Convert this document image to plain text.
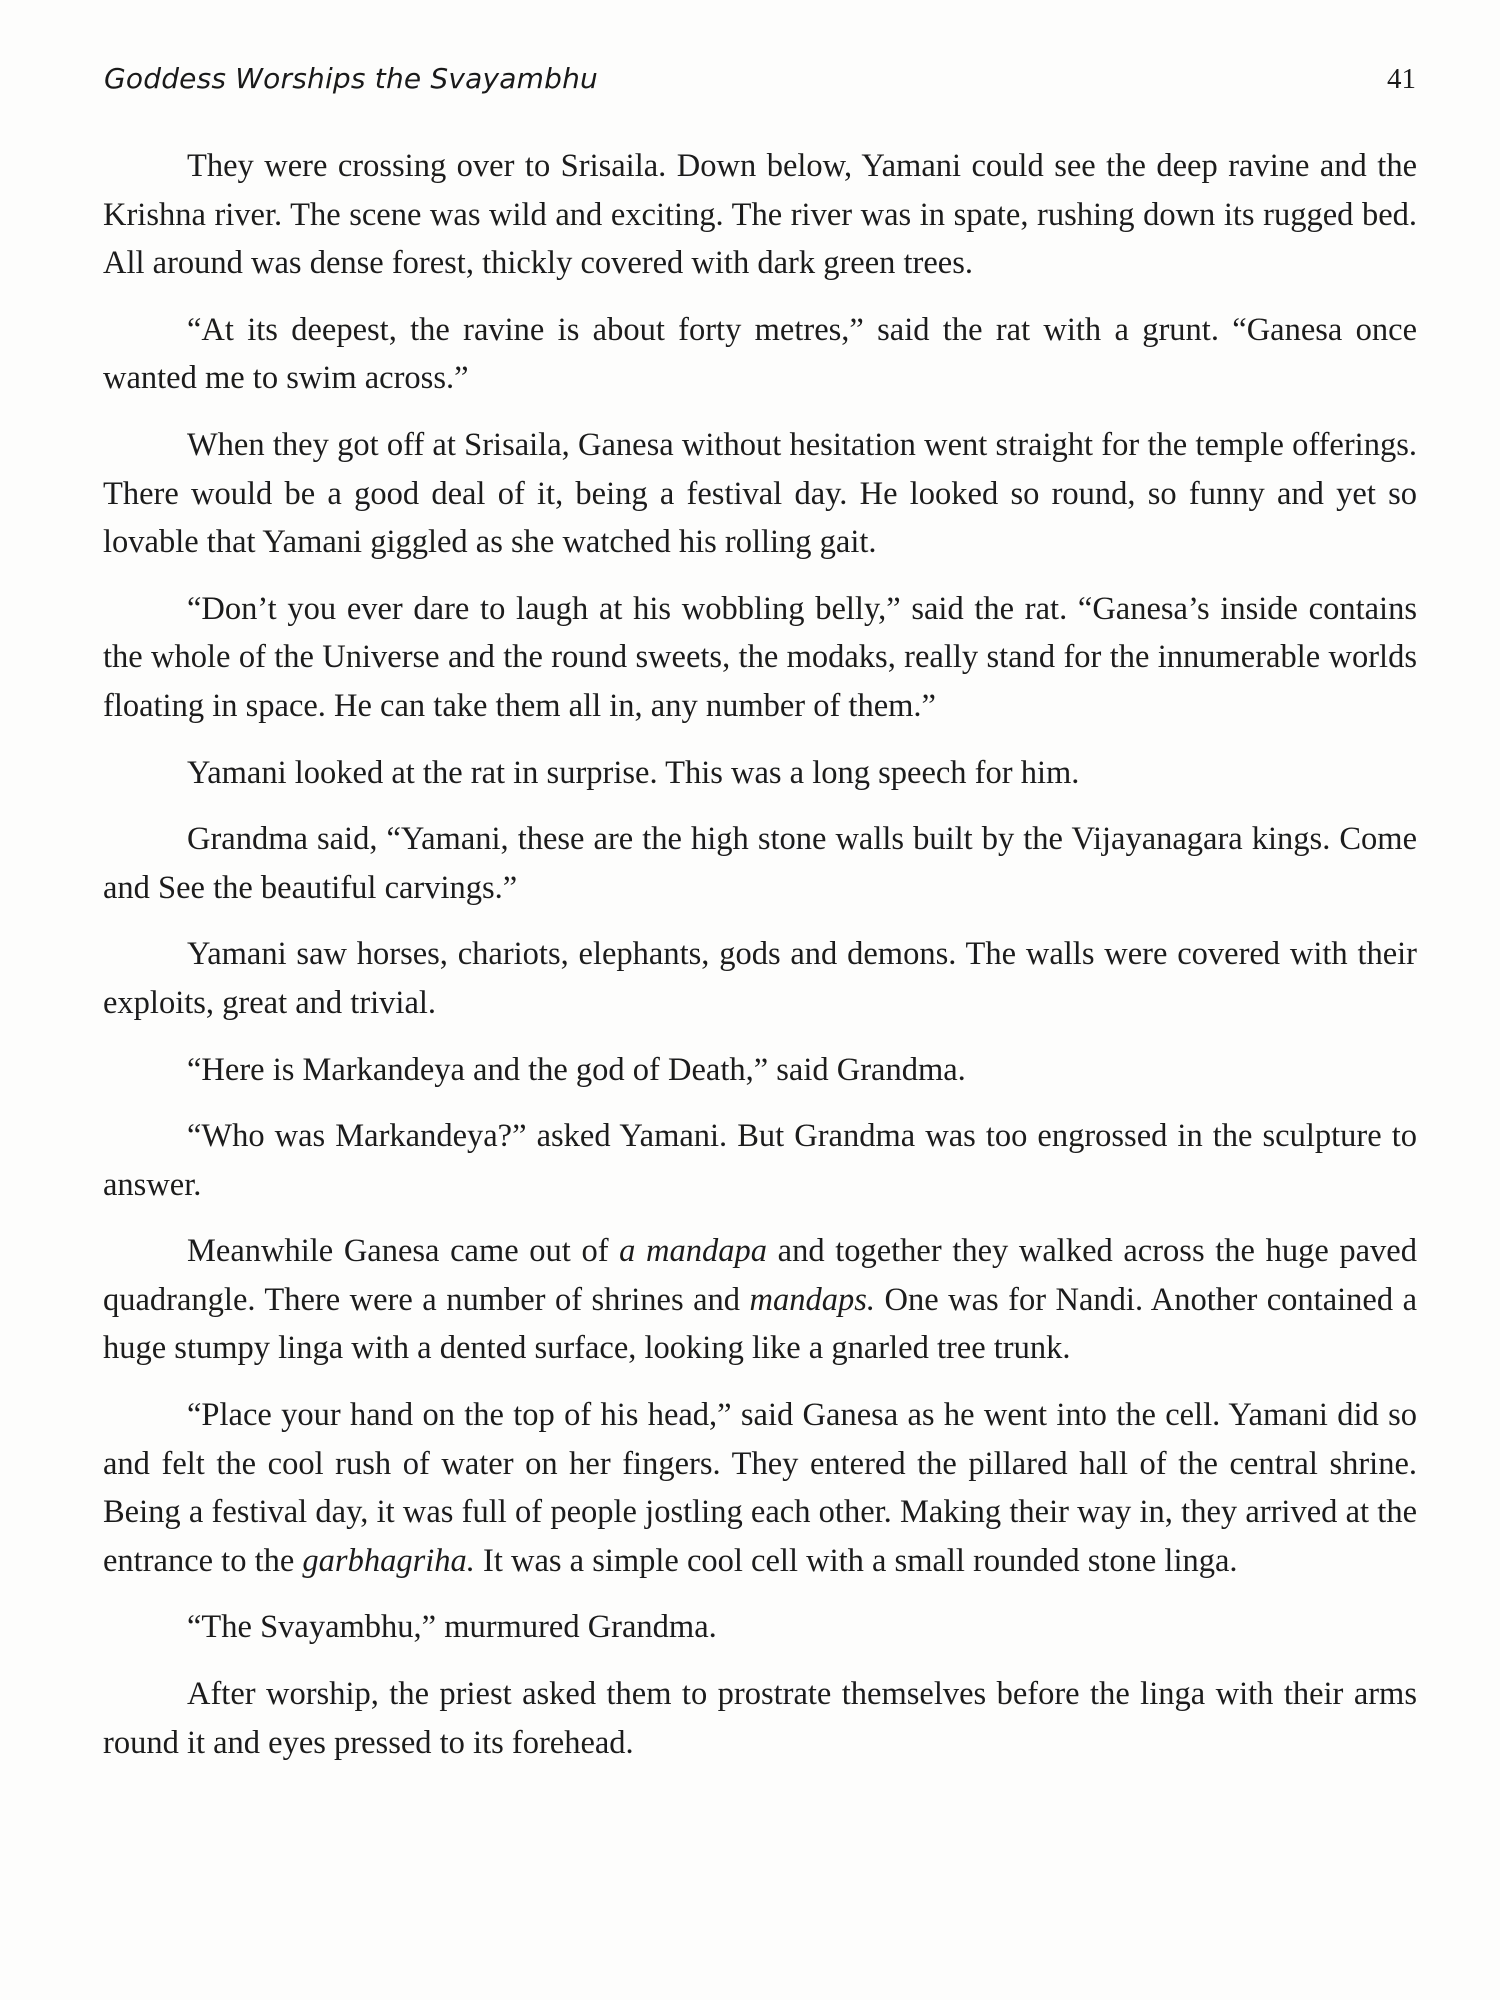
Goddess Worships the Svayambhu	41

They were crossing over to Srisaila. Down below, Yamani could see the deep ravine and the Krishna river. The scene was wild and exciting. The river was in spate, rushing down its rugged bed. All around was dense forest, thickly covered with dark green trees.

“At its deepest, the ravine is about forty metres,” said the rat with a grunt. “Ganesa once wanted me to swim across.”

When they got off at Srisaila, Ganesa without hesitation went straight for the temple offerings. There would be a good deal of it, being a festival day. He looked so round, so funny and yet so lovable that Yamani giggled as she watched his rolling gait.

“Don’t you ever dare to laugh at his wobbling belly,” said the rat. “Ganesa’s inside contains the whole of the Universe and the round sweets, the modaks, really stand for the innumerable worlds floating in space. He can take them all in, any number of them.”

Yamani looked at the rat in surprise. This was a long speech for him.

Grandma said, “Yamani, these are the high stone walls built by the Vijayanagara kings. Come and See the beautiful carvings.”

Yamani saw horses, chariots, elephants, gods and demons. The walls were covered with their exploits, great and trivial.

“Here is Markandeya and the god of Death,” said Grandma.

“Who was Markandeya?” asked Yamani. But Grandma was too engrossed in the sculpture to answer.

Meanwhile Ganesa came out of a mandapa and together they walked across the huge paved quadrangle. There were a number of shrines and mandaps. One was for Nandi. Another contained a huge stumpy linga with a dented surface, looking like a gnarled tree trunk.

“Place your hand on the top of his head,” said Ganesa as he went into the cell. Yamani did so and felt the cool rush of water on her fingers. They entered the pillared hall of the central shrine. Being a festival day, it was full of people jostling each other. Making their way in, they arrived at the entrance to the garbhagriha. It was a simple cool cell with a small rounded stone linga.

“The Svayambhu,” murmured Grandma.

After worship, the priest asked them to prostrate themselves before the linga with their arms round it and eyes pressed to its forehead.
